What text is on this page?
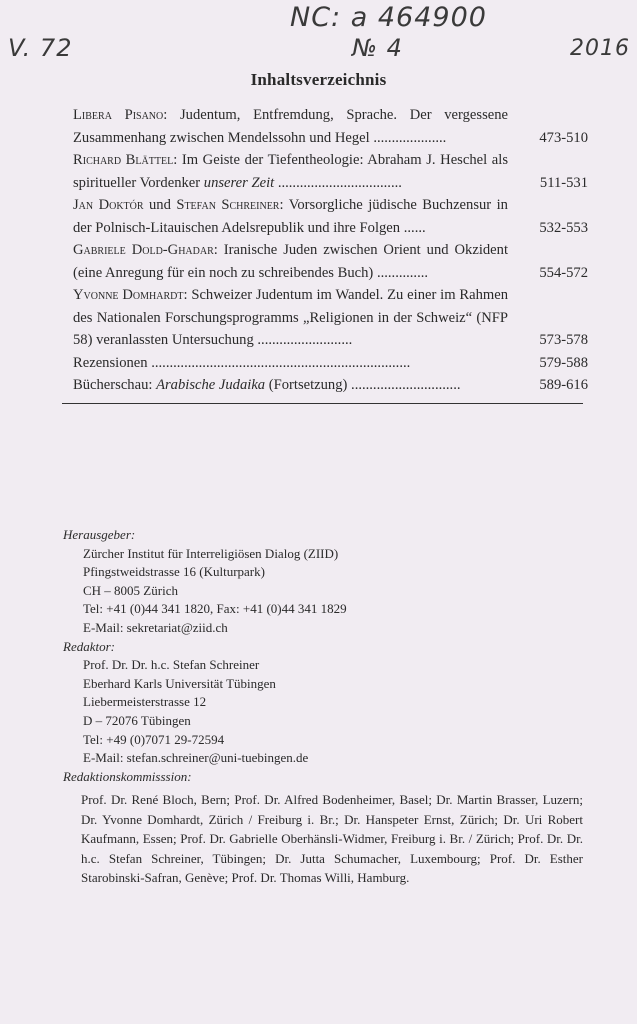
NC: a 464900
V. 72	№ 4	2016
Inhaltsverzeichnis
Libera Pisano: Judentum, Entfremdung, Sprache. Der vergessene Zusammenhang zwischen Mendelssohn und Hegel ....................	473-510
Richard Blättel: Im Geiste der Tiefentheologie: Abraham J. Heschel als spiritueller Vordenker unserer Zeit ..................................	511-531
Jan Doktór und Stefan Schreiner: Vorsorgliche jüdische Buchzensur in der Polnisch-Litauischen Adelsrepublik und ihre Folgen ......	532-553
Gabriele Dold-Ghadar: Iranische Juden zwischen Orient und Okzident (eine Anregung für ein noch zu schreibendes Buch) ..............	554-572
Yvonne Domhardt: Schweizer Judentum im Wandel. Zu einer im Rahmen des Nationalen Forschungsprogramms „Religionen in der Schweiz“ (NFP 58) veranlassten Untersuchung ..........................	573-578
Rezensionen .......................................................................	579-588
Bücherschau: Arabische Judaika (Fortsetzung) ..............................	589-616
Herausgeber:
Zürcher Institut für Interreligiösen Dialog (ZIID)
Pfingstweidstrasse 16 (Kulturpark)
CH – 8005 Zürich
Tel: +41 (0)44 341 1820, Fax: +41 (0)44 341 1829
E-Mail: sekretariat@ziid.ch
Redaktor:
Prof. Dr. Dr. h.c. Stefan Schreiner
Eberhard Karls Universität Tübingen
Liebermeisterstrasse 12
D – 72076 Tübingen
Tel: +49 (0)7071 29-72594
E-Mail: stefan.schreiner@uni-tuebingen.de
Redaktionskommisssion:
Prof. Dr. René Bloch, Bern; Prof. Dr. Alfred Bodenheimer, Basel; Dr. Martin Brasser, Luzern; Dr. Yvonne Domhardt, Zürich / Freiburg i. Br.; Dr. Hanspeter Ernst, Zürich; Dr. Uri Robert Kaufmann, Essen; Prof. Dr. Gabrielle Oberhänsli-Widmer, Freiburg i. Br. / Zürich; Prof. Dr. Dr. h.c. Stefan Schreiner, Tübingen; Dr. Jutta Schumacher, Luxembourg; Prof. Dr. Esther Starobinski-Safran, Genève; Prof. Dr. Thomas Willi, Hamburg.
